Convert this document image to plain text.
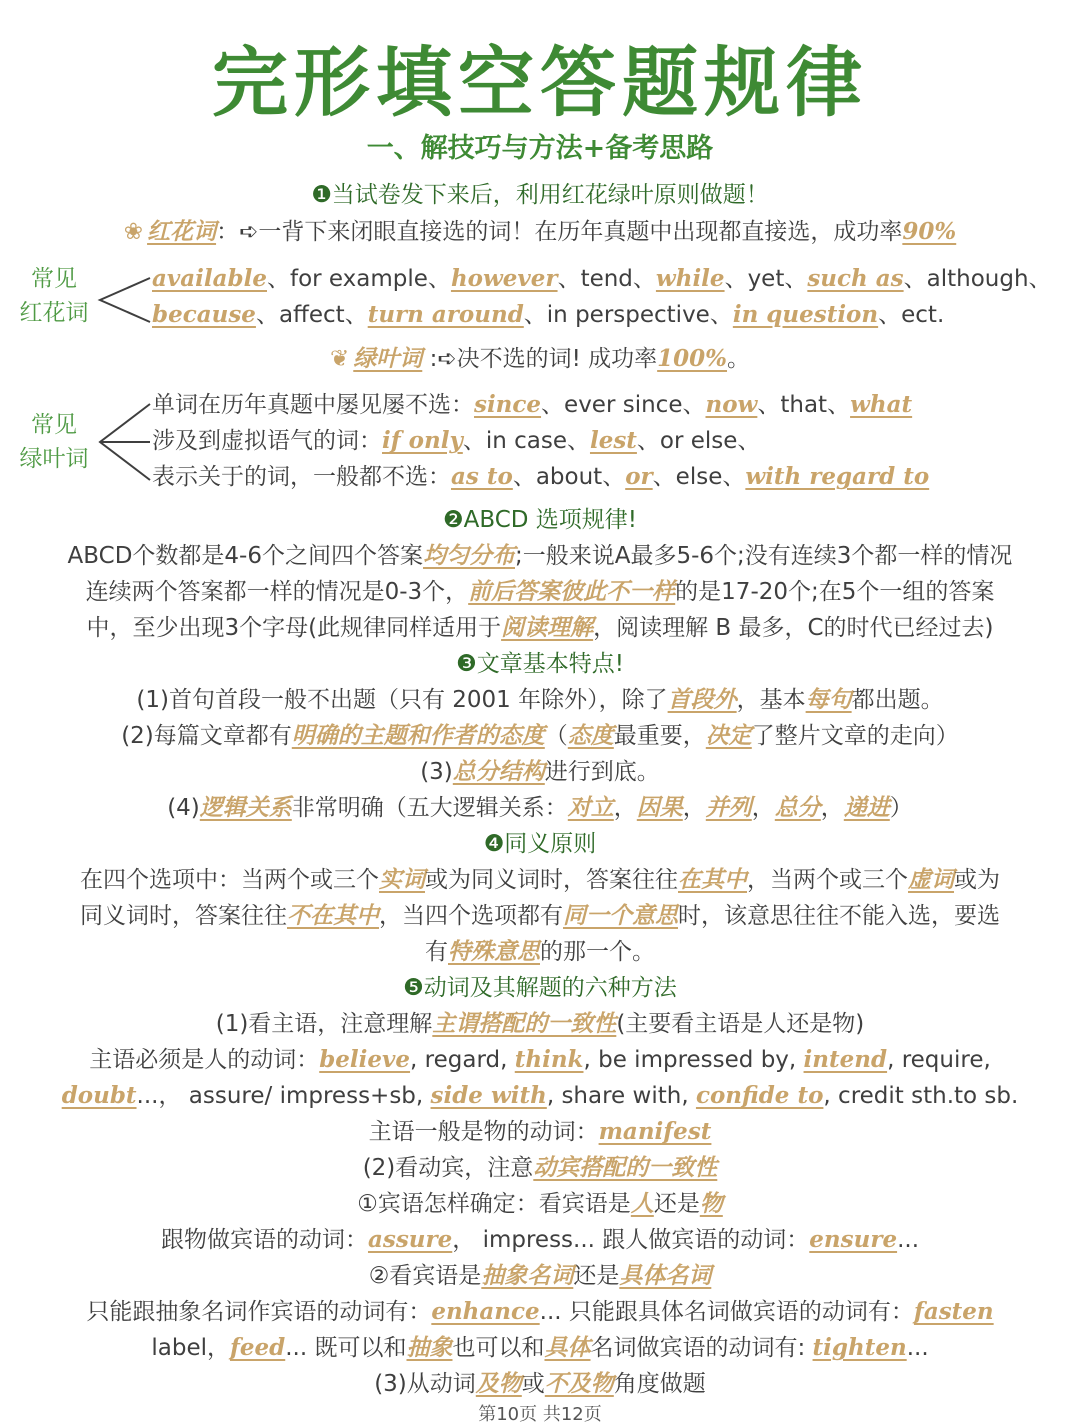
完形填空答题规律
一、解技巧与方法+备考思路
❶当试卷发下来后，利用红花绿叶原则做题！
❀ 红花词：➪一背下来闭眼直接选的词！在历年真题中出现都直接选，成功率90%
常见
红花词
available、for example、however、tend、while、yet、such as、although、
because、affect、turn around、in perspective、in question、ect.
❦ 绿叶词 :➪决不选的词! 成功率100%。
常见
绿叶词
单词在历年真题中屡见屡不选：since、ever since、now、that、what
涉及到虚拟语气的词：if only、in case、lest、or else、
表示关于的词，一般都不选：as to、about、or、else、with regard to
❷ABCD 选项规律!
ABCD个数都是4-6个之间四个答案均匀分布;一般来说A最多5-6个;没有连续3个都一样的情况
连续两个答案都一样的情况是0-3个，前后答案彼此不一样的是17-20个;在5个一组的答案
中，至少出现3个字母(此规律同样适用于阅读理解，阅读理解 B 最多，C的时代已经过去)
❸文章基本特点!
(1)首句首段一般不出题（只有 2001 年除外），除了首段外，基本每句都出题。
(2)每篇文章都有明确的主题和作者的态度（态度最重要，决定了整片文章的走向）
(3)总分结构进行到底。
(4)逻辑关系非常明确（五大逻辑关系：对立，因果，并列，总分，递进）
❹同义原则
在四个选项中：当两个或三个实词或为同义词时，答案往往在其中，当两个或三个虚词或为
同义词时，答案往往不在其中，当四个选项都有同一个意思时，该意思往往不能入选，要选
有特殊意思的那一个。
❺动词及其解题的六种方法
(1)看主语，注意理解主谓搭配的一致性(主要看主语是人还是物)
主语必须是人的动词：believe, regard, think, be impressed by, intend, require,
doubt...， assure/ impress+sb, side with, share with, confide to, credit sth.to sb.
主语一般是物的动词：manifest
(2)看动宾，注意动宾搭配的一致性
①宾语怎样确定：看宾语是人还是物
跟物做宾语的动词：assure， impress... 跟人做宾语的动词：ensure...
②看宾语是抽象名词还是具体名词
只能跟抽象名词作宾语的动词有：enhance... 只能跟具体名词做宾语的动词有：fasten
label，feed... 既可以和抽象也可以和具体名词做宾语的动词有: tighten...
(3)从动词及物或不及物角度做题
第10页 共12页
